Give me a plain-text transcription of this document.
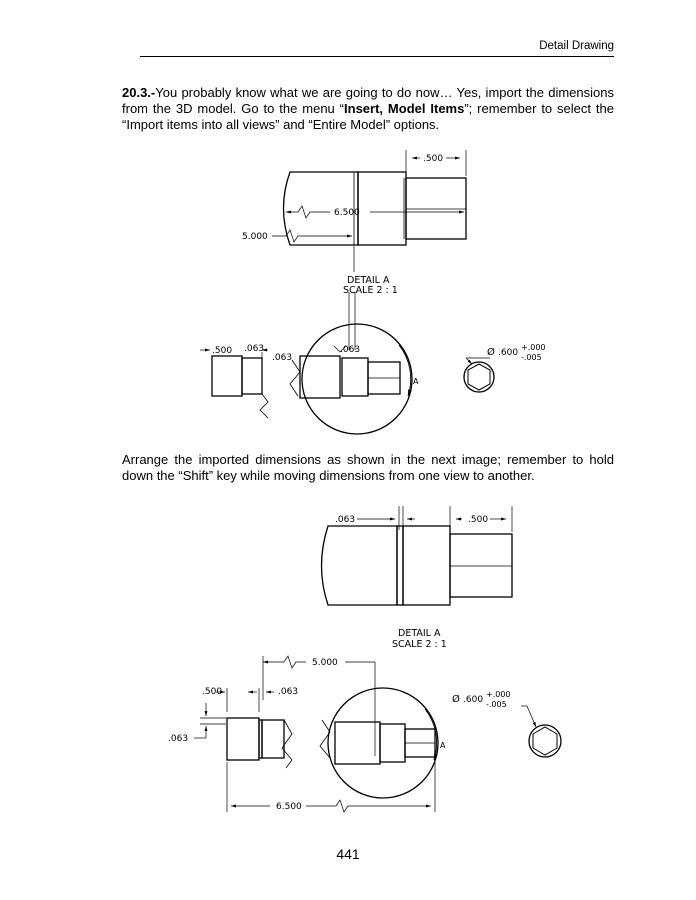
Detail Drawing

20.3.-You probably know what we are going to do now… Yes, import the dimensions from the 3D model. Go to the menu “Insert, Model Items”; remember to select the “Import items into all views” and “Entire Model” options.

Arrange the imported dimensions as shown in the next image; remember to hold down the “Shift” key while moving dimensions from one view to another.

.500
6.500
5.000
DETAIL A
SCALE 2 : 1
.500 .063
.063
.063
A
Ø .600
+.000
-.005
.063	.500
DETAIL A
SCALE 2 : 1
5.000
.500	.063
.063
6.500
A
Ø .600
+.000
-.005
441
